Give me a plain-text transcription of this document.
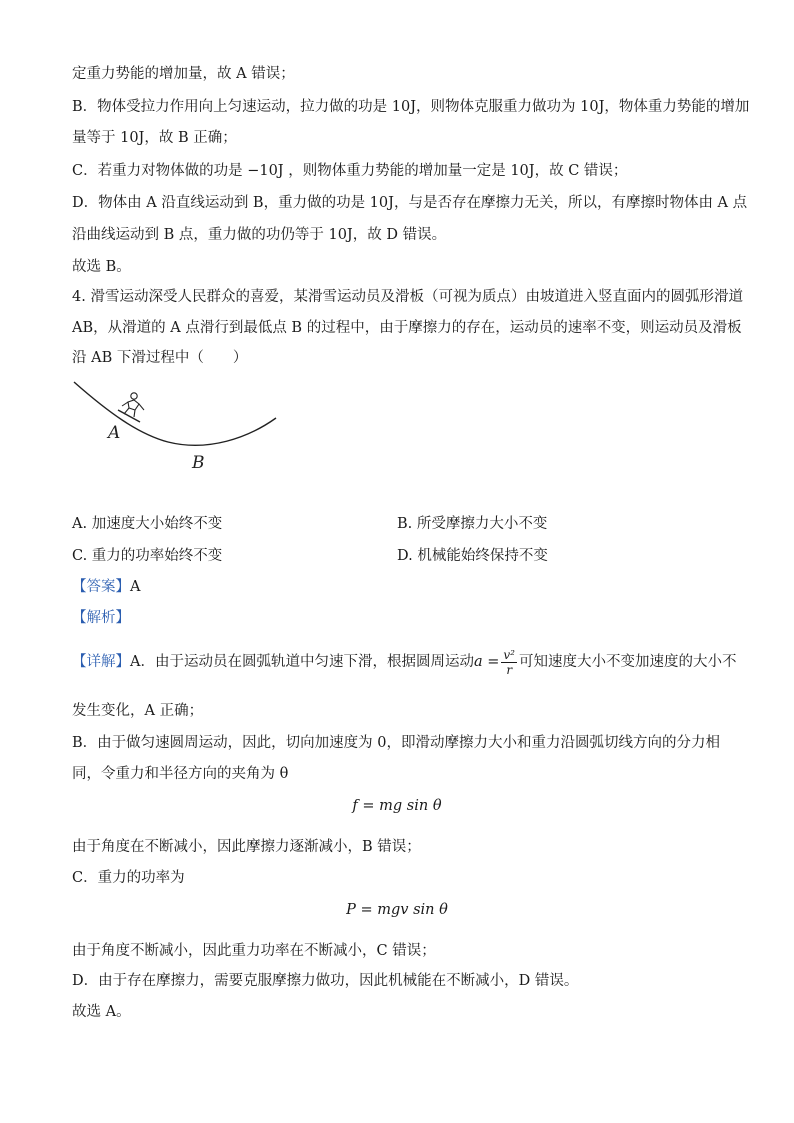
定重力势能的增加量，故 A 错误；
B．物体受拉力作用向上匀速运动，拉力做的功是 10J，则物体克服重力做功为 10J，物体重力势能的增加
量等于 10J，故 B 正确；
C．若重力对物体做的功是 −10J ，则物体重力势能的增加量一定是 10J，故 C 错误；
D．物体由 A 沿直线运动到 B，重力做的功是 10J，与是否存在摩擦力无关，所以，有摩擦时物体由 A 点
沿曲线运动到 B 点，重力做的功仍等于 10J，故 D 错误。
故选 B。
4. 滑雪运动深受人民群众的喜爱，某滑雪运动员及滑板（可视为质点）由坡道进入竖直面内的圆弧形滑道
AB，从滑道的 A 点滑行到最低点 B 的过程中，由于摩擦力的存在，运动员的速率不变，则运动员及滑板
沿 AB 下滑过程中（　　）
A
B
A. 加速度大小始终不变	B. 所受摩擦力大小不变
C. 重力的功率始终不变	D. 机械能始终保持不变
【答案】A
【解析】
【详解】A．由于运动员在圆弧轨道中匀速下滑，根据圆周运动$a = \frac{\text{v²}}{r}$ 可知速度大小不变加速度的大小不
发生变化，A 正确；
B．由于做匀速圆周运动，因此，切向加速度为 0，即滑动摩擦力大小和重力沿圆弧切线方向的分力相
同，令重力和半径方向的夹角为 θ
f = mg sin θ
由于角度在不断减小，因此摩擦力逐渐减小，B 错误；
C．重力的功率为
P = mgv sin θ
由于角度不断减小，因此重力功率在不断减小，C 错误；
D．由于存在摩擦力，需要克服摩擦力做功，因此机械能在不断减小，D 错误。
故选 A。
